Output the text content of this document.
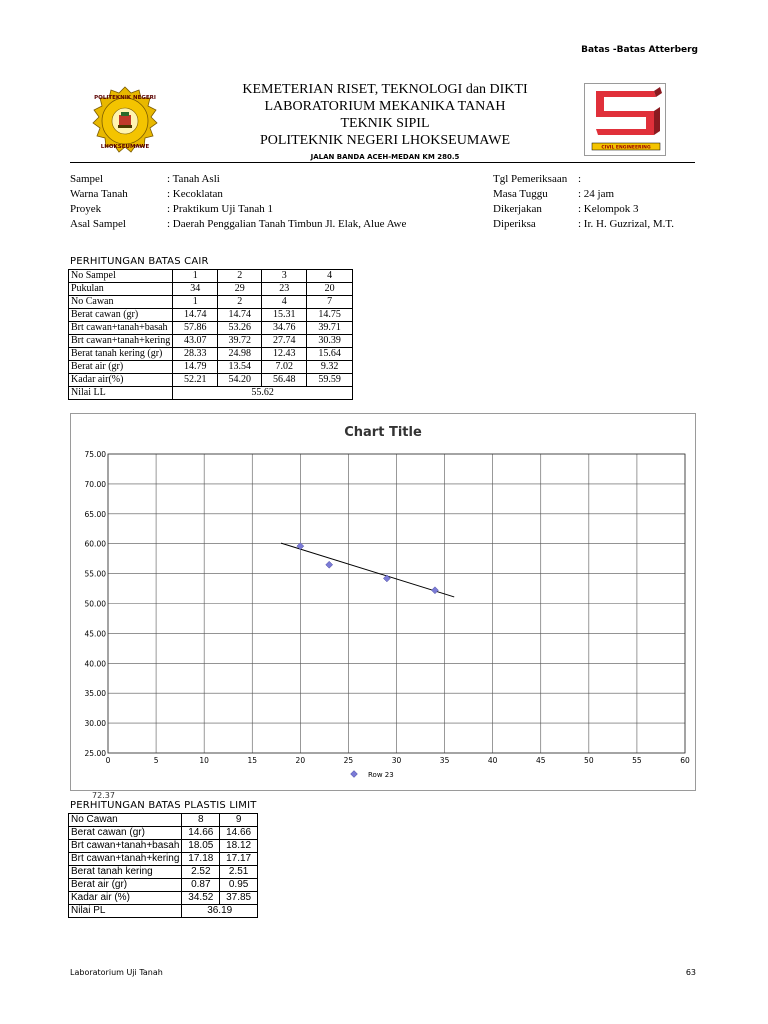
Batas -Batas Atterberg
POLITEKNIK NEGERI
LHOKSEUMAWE
KEMETERIAN RISET, TEKNOLOGI dan DIKTI
LABORATORIUM MEKANIKA TANAH
TEKNIK SIPIL
POLITEKNIK NEGERI LHOKSEUMAWE
JALAN BANDA ACEH-MEDAN KM 280.5
CIVIL ENGINEERING
Sampel	: Tanah Asli
Warna Tanah	: Kecoklatan
Proyek	: Praktikum Uji Tanah 1
Asal Sampel	: Daerah Penggalian Tanah Timbun Jl. Elak, Alue Awe
Tgl Pemeriksaan :
Masa Tuggu	: 24 jam
Dikerjakan	: Kelompok 3
Diperiksa	: Ir. H. Guzrizal, M.T.
PERHITUNGAN BATAS CAIR
No Sampel	1	2	3	4
Pukulan	34	29	23	20
No Cawan	1	2	4	7
Berat cawan (gr)	14.74	14.74	15.31	14.75
Brt cawan+tanah+basah	57.86	53.26	34.76	39.71
Brt cawan+tanah+kering	43.07	39.72	27.74	30.39
Berat tanah kering (gr)	28.33	24.98	12.43	15.64
Berat air (gr)	14.79	13.54	7.02	9.32
Kadar air(%)	52.21	54.20	56.48	59.59
Nilai LL	55.62			
Chart Title
0	5	10	15	20	25	30	35	40	45	50	55	60
75.00
70.00
65.00
60.00
55.00
50.00
45.00
40.00
35.00
30.00
25.00
72.37
Row 23
PERHITUNGAN BATAS PLASTIS LIMIT
No Cawan	8	9
Berat cawan (gr)	14.66	14.66
Brt cawan+tanah+basah	18.05	18.12
Brt cawan+tanah+kering	17.18	17.17
Berat tanah kering	2.52	2.51
Berat air (gr)	0.87	0.95
Kadar air (%)	34.52	37.85
Nilai PL	36.19	
Laboratorium Uji Tanah	63
